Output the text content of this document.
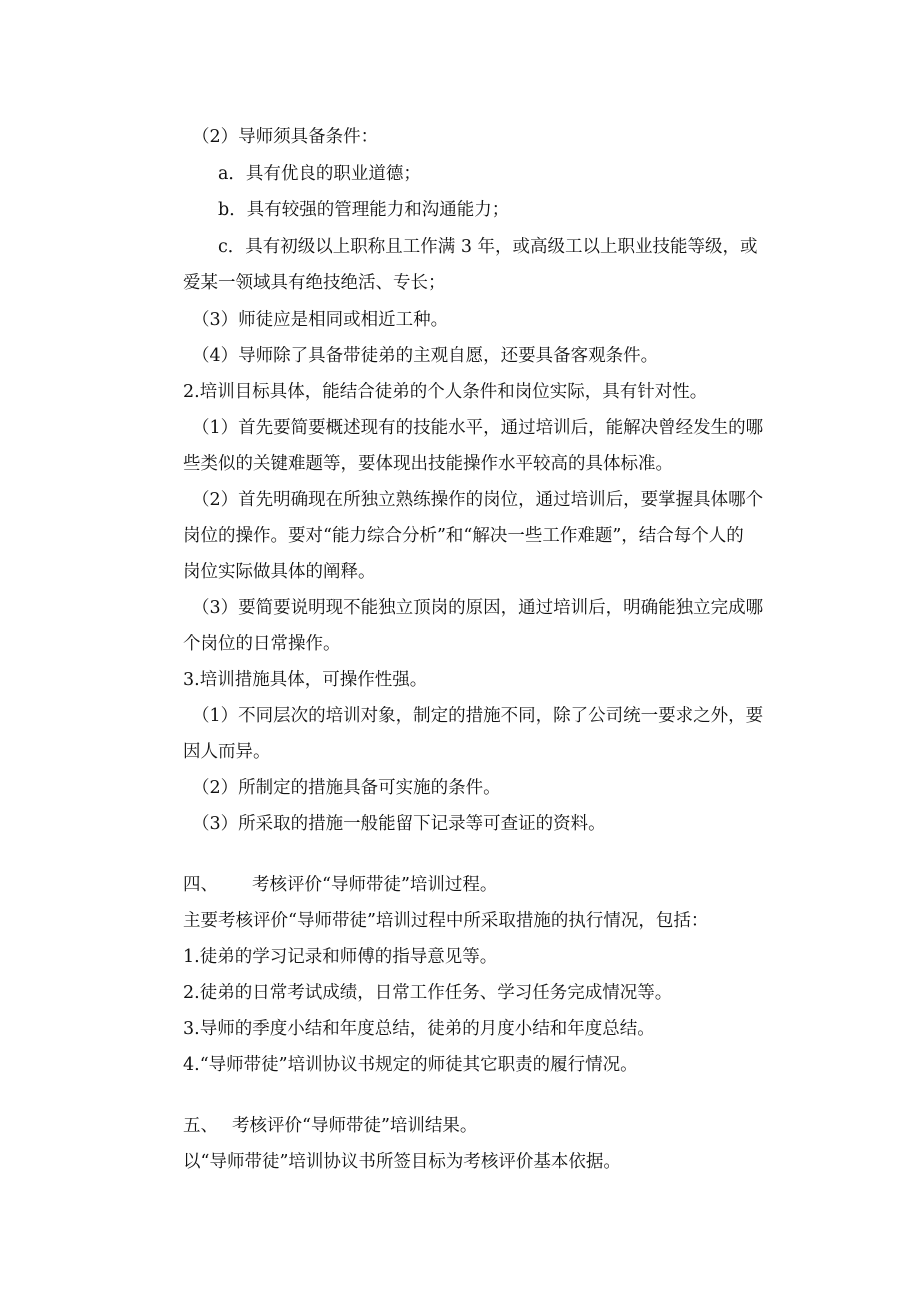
（2）导师须具备条件：

a．具有优良的职业道德；

b．具有较强的管理能力和沟通能力；

c．具有初级以上职称且工作满 3 年，或高级工以上职业技能等级，或

爱某一领域具有绝技绝活、专长；

（3）师徒应是相同或相近工种。

（4）导师除了具备带徒弟的主观自愿，还要具备客观条件。

2.培训目标具体，能结合徒弟的个人条件和岗位实际，具有针对性。

（1）首先要简要概述现有的技能水平，通过培训后，能解决曾经发生的哪

些类似的关键难题等，要体现出技能操作水平较高的具体标准。

（2）首先明确现在所独立熟练操作的岗位，通过培训后，要掌握具体哪个

岗位的操作。要对“能力综合分析”和“解决一些工作难题”，结合每个人的

岗位实际做具体的阐释。

（3）要简要说明现不能独立顶岗的原因，通过培训后，明确能独立完成哪

个岗位的日常操作。

3.培训措施具体，可操作性强。

（1）不同层次的培训对象，制定的措施不同，除了公司统一要求之外，要

因人而异。

（2）所制定的措施具备可实施的条件。

（3）所采取的措施一般能留下记录等可查证的资料。

四、 考核评价“导师带徒”培训过程。

主要考核评价“导师带徒”培训过程中所采取措施的执行情况，包括：

1.徒弟的学习记录和师傅的指导意见等。

2.徒弟的日常考试成绩，日常工作任务、学习任务完成情况等。

3.导师的季度小结和年度总结，徒弟的月度小结和年度总结。

4.“导师带徒”培训协议书规定的师徒其它职责的履行情况。

五、 考核评价“导师带徒”培训结果。

以“导师带徒”培训协议书所签目标为考核评价基本依据。
